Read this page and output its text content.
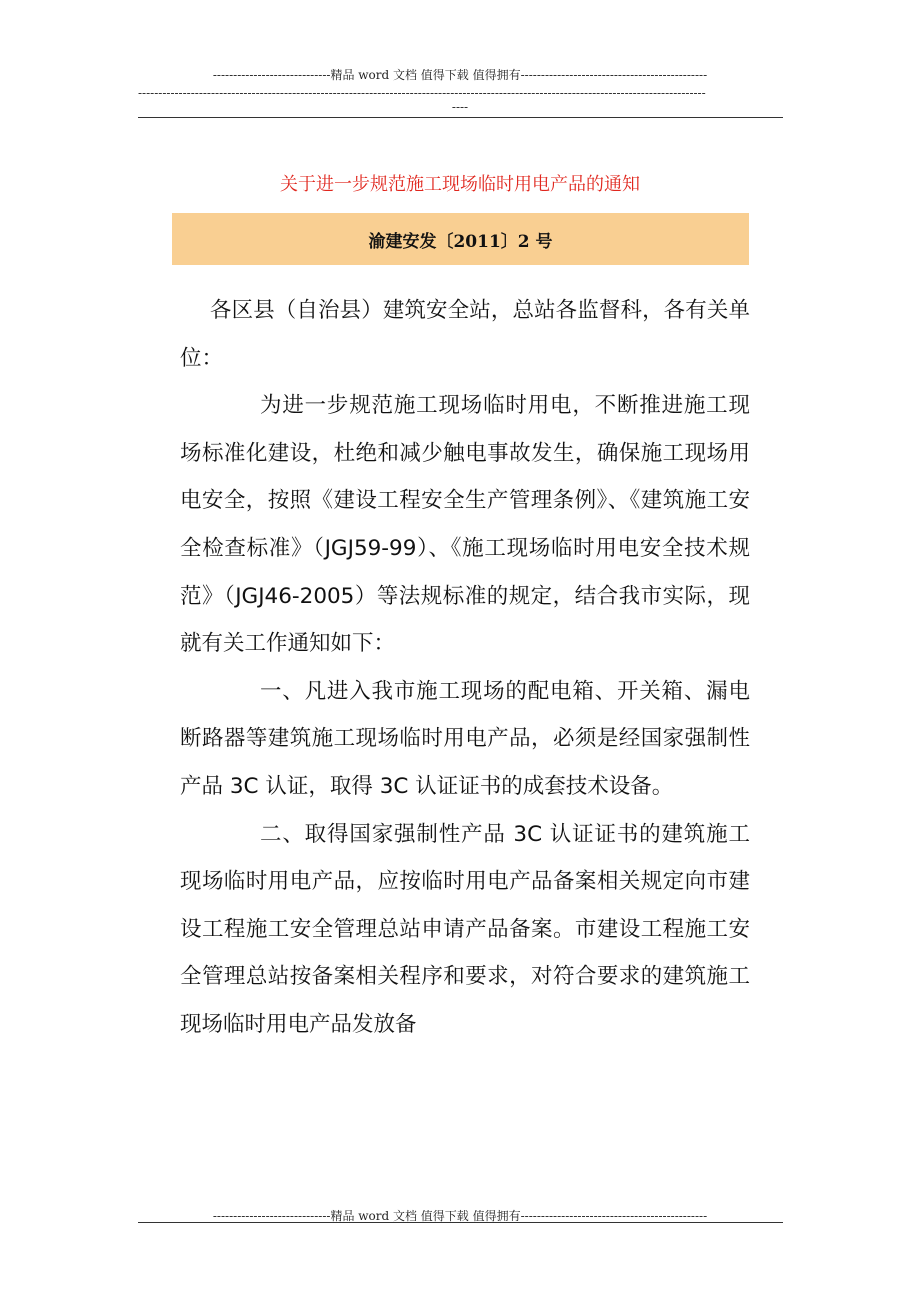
-----------------------------精品 word 文档 值得下载 值得拥有----------------------------------------------
--------------------------------------------------------------------------------------------------------------------------------------------
----
关于进一步规范施工现场临时用电产品的通知
渝建安发〔2011〕2 号

各区县（自治县）建筑安全站，总站各监督科，各有关单位：

为进一步规范施工现场临时用电，不断推进施工现场标准化建设，杜绝和减少触电事故发生，确保施工现场用电安全，按照《建设工程安全生产管理条例》、《建筑施工安全检查标准》（JGJ59-99）、《施工现场临时用电安全技术规范》（JGJ46-2005）等法规标准的规定，结合我市实际，现就有关工作通知如下：

一、凡进入我市施工现场的配电箱、开关箱、漏电断路器等建筑施工现场临时用电产品，必须是经国家强制性产品 3C 认证，取得 3C 认证证书的成套技术设备。

二、取得国家强制性产品 3C 认证证书的建筑施工现场临时用电产品，应按临时用电产品备案相关规定向市建设工程施工安全管理总站申请产品备案。市建设工程施工安全管理总站按备案相关程序和要求，对符合要求的建筑施工现场临时用电产品发放备

-----------------------------精品 word 文档 值得下载 值得拥有----------------------------------------------
